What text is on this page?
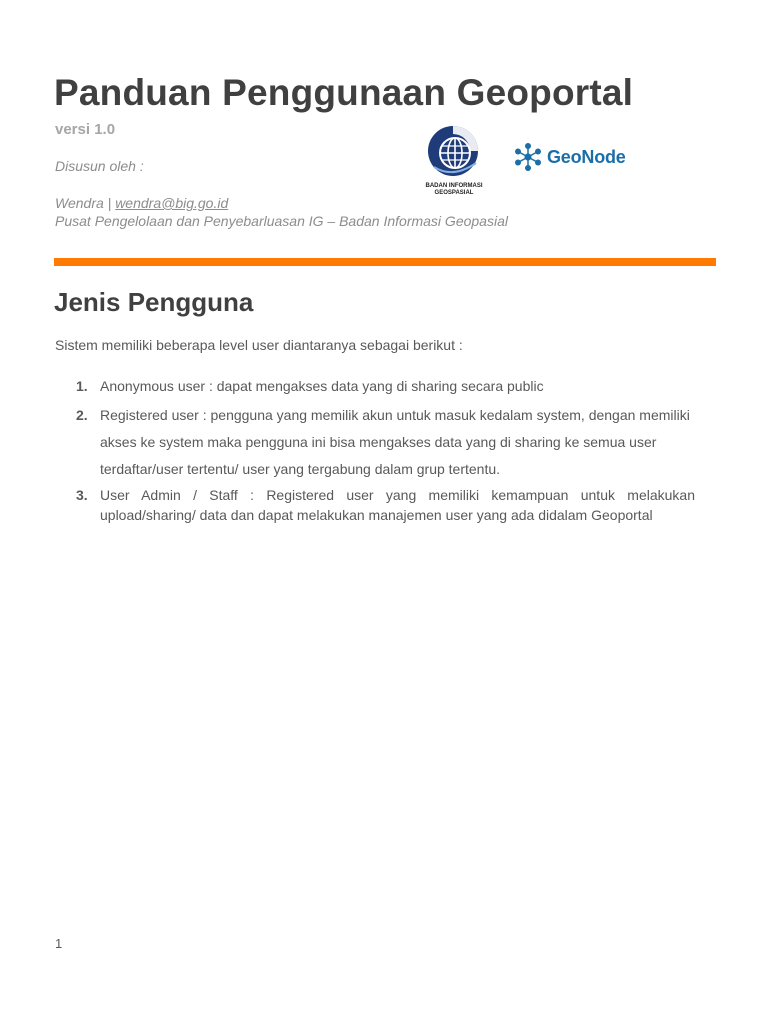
Panduan Penggunaan Geoportal
versi 1.0
Disusun oleh :
Wendra | wendra@big.go.id
Pusat Pengelolaan dan Penyebarluasan IG – Badan Informasi Geopasial
BADAN INFORMASI
GEOSPASIAL
GeoNode
Jenis Pengguna
Sistem memiliki beberapa level user diantaranya sebagai berikut :
1. Anonymous user : dapat mengakses data yang di sharing secara public
2. Registered user : pengguna yang memilik akun untuk masuk kedalam system, dengan memiliki akses ke system maka pengguna ini bisa mengakses data yang di sharing ke semua user terdaftar/user tertentu/ user yang tergabung dalam grup tertentu.
3. User Admin / Staff : Registered user yang memiliki kemampuan untuk melakukan upload/sharing/ data dan dapat melakukan manajemen user yang ada didalam Geoportal
1
